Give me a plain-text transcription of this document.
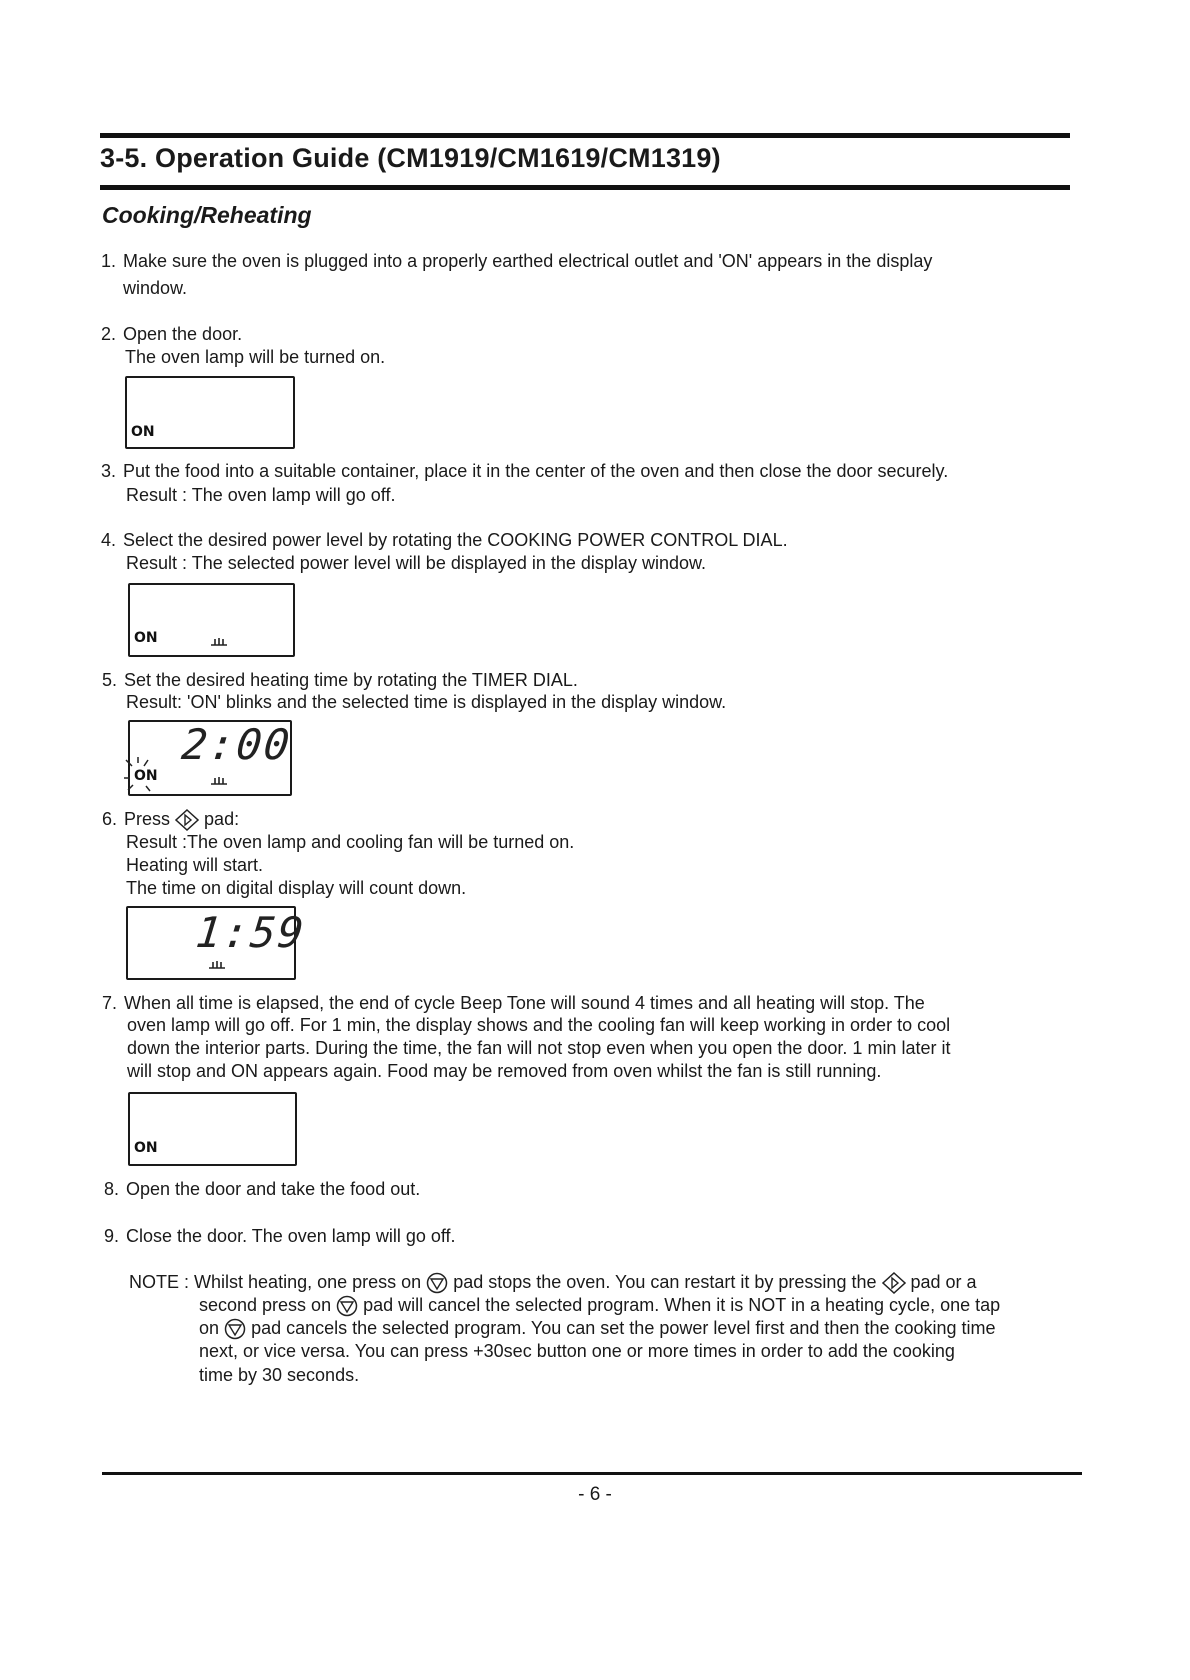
3-5. Operation Guide (CM1919/CM1619/CM1319)
Cooking/Reheating
1. Make sure the oven is plugged into a properly earthed electrical outlet and 'ON' appears in the display
window.
2. Open the door.
The oven lamp will be turned on.
ON
3. Put the food into a suitable container, place it in the center of the oven and then close the door securely.
Result : The oven lamp will go off.
4. Select the desired power level by rotating the COOKING POWER CONTROL DIAL.
Result : The selected power level will be displayed in the display window.
ON
5. Set the desired heating time by rotating the TIMER DIAL.
Result: 'ON' blinks and the selected time is displayed in the display window.
2:00
ON
6. Press pad:
Result :The oven lamp and cooling fan will be turned on.
Heating will start.
The time on digital display will count down.
1:59
7. When all time is elapsed, the end of cycle Beep Tone will sound 4 times and all heating will stop. The
oven lamp will go off. For 1 min, the display shows and the cooling fan will keep working in order to cool
down the interior parts. During the time, the fan will not stop even when you open the door. 1 min later it
will stop and ON appears again. Food may be removed from oven whilst the fan is still running.
ON
8. Open the door and take the food out.
9. Close the door. The oven lamp will go off.
NOTE : Whilst heating, one press on pad stops the oven. You can restart it by pressing the pad or a
second press on pad will cancel the selected program. When it is NOT in a heating cycle, one tap
on pad cancels the selected program. You can set the power level first and then the cooking time
next, or vice versa. You can press +30sec button one or more times in order to add the cooking
time by 30 seconds.
- 6 -
